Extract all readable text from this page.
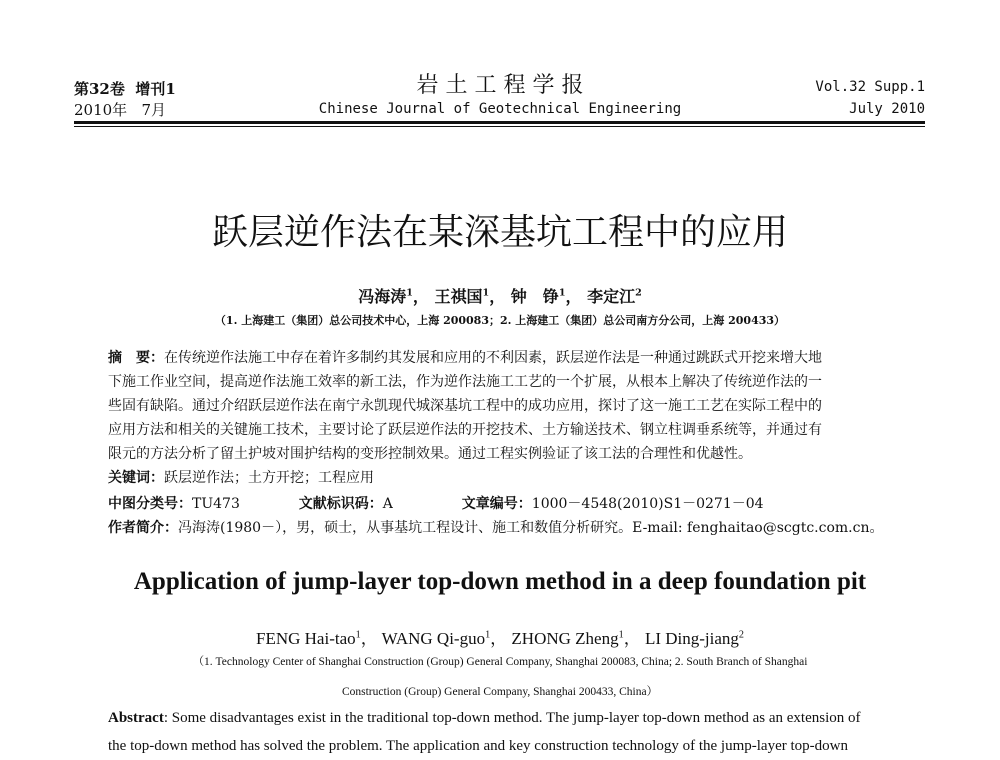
第32卷 增刊1
2010年 7月
岩 土 工 程 学 报
Chinese Journal of Geotechnical Engineering
Vol.32 Supp.1
July 2010
跃层逆作法在某深基坑工程中的应用
冯海涛$^1$， 王祺国$^1$， 钟　铮$^1$， 李定江$^2$
（1. 上海建工（集团）总公司技术中心，上海 200083；2. 上海建工（集团）总公司南方分公司，上海 200433）
摘　要：在传统逆作法施工中存在着许多制约其发展和应用的不利因素，跃层逆作法是一种通过跳跃式开挖来增大地
下施工作业空间，提高逆作法施工效率的新工法，作为逆作法施工工艺的一个扩展，从根本上解决了传统逆作法的一
些固有缺陷。通过介绍跃层逆作法在南宁永凯现代城深基坑工程中的成功应用，探讨了这一施工工艺在实际工程中的
应用方法和相关的关键施工技术，主要讨论了跃层逆作法的开挖技术、土方输送技术、钢立柱调垂系统等，并通过有
限元的方法分析了留土护坡对围护结构的变形控制效果。通过工程实例验证了该工法的合理性和优越性。
关键词：跃层逆作法；土方开挖；工程应用
中图分类号：TU473	文献标识码：A	文章编号：1000－4548(2010)S1－0271－04
作者简介：冯海涛(1980－），男，硕士，从事基坑工程设计、施工和数值分析研究。E-mail: fenghaitao@scgtc.com.cn。
Application of jump-layer top-down method in a deep foundation pit
FENG Hai-tao$^1$， WANG Qi-guo$^1$， ZHONG Zheng$^1$， LI Ding-jiang$^2$
（1. Technology Center of Shanghai Construction (Group) General Company, Shanghai 200083, China; 2. South Branch of Shanghai
Construction (Group) General Company, Shanghai 200433, China）
Abstract: Some disadvantages exist in the traditional top-down method. The jump-layer top-down method as an extension of
the top-down method has solved the problem. The application and key construction technology of the jump-layer top-down
